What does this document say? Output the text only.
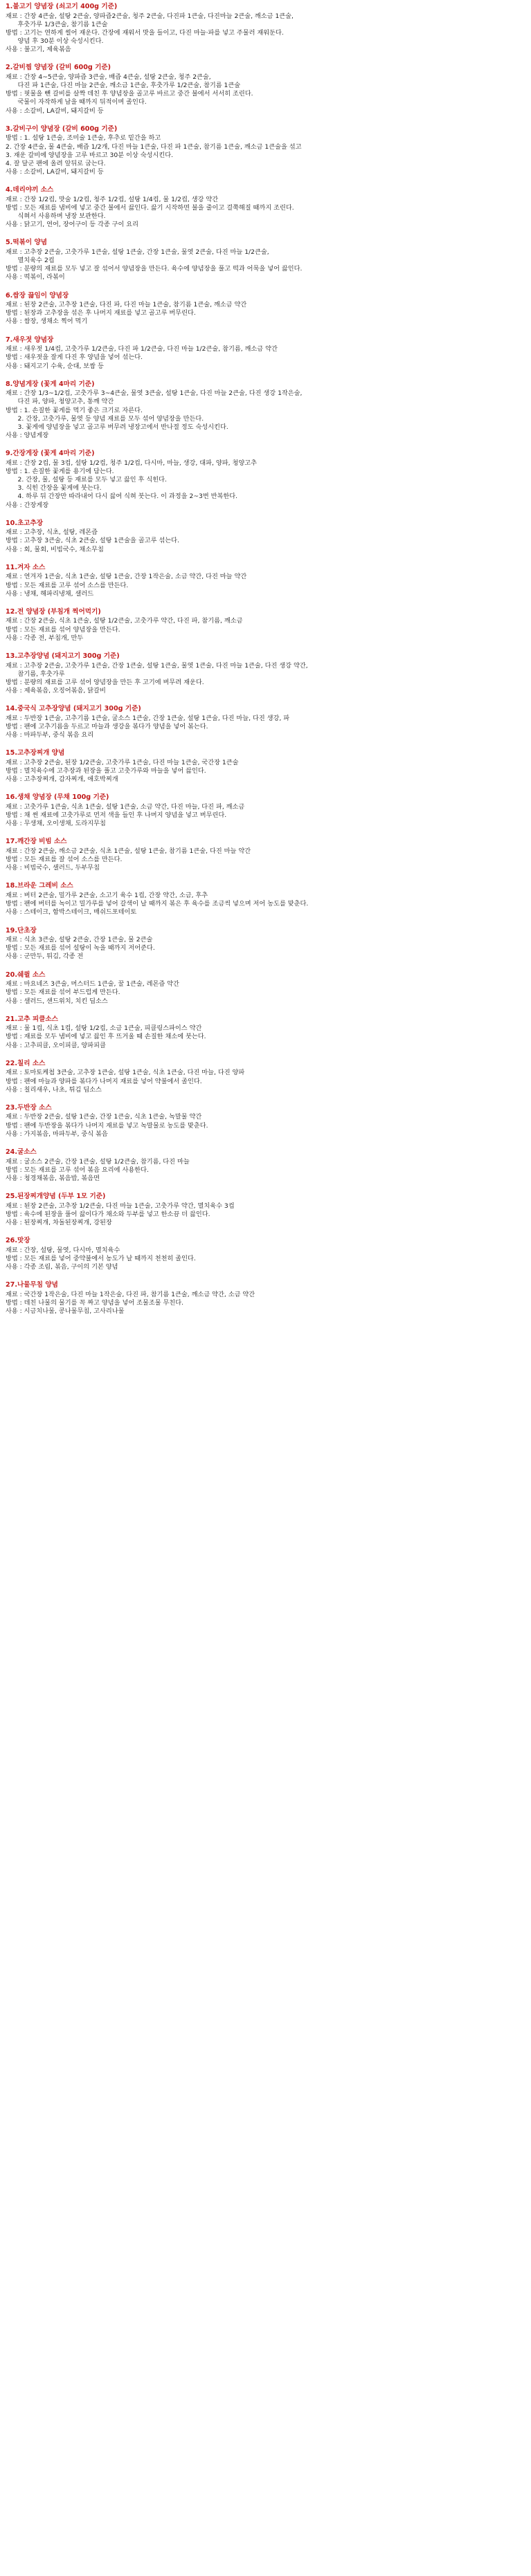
1.불고기 양념장 (쇠고기 400g 기준)
재료 : 간장 4큰술, 설탕 2큰술, 양파즙2큰술, 청주 2큰술, 다진파 1큰술, 다진마늘 2큰술, 깨소금 1큰술,
후춧가루 1/3큰술, 참기름 1큰술
방법 : 고기는 연하게 썰어 재운다. 간장에 재워서 맛을 들이고, 다진 마늘·파를 넣고 주물러 재워둔다.
양념 후 30분 이상 숙성시킨다.
사용 : 불고기, 제육볶음
2.갈비찜 양념장 (갈비 600g 기준)
재료 : 간장 4~5큰술, 양파즙 3큰술, 배즙 4큰술, 설탕 2큰술, 청주 2큰술,
다진 파 1큰술, 다진 마늘 2큰술, 깨소금 1큰술, 후춧가루 1/2큰술, 참기름 1큰술
방법 : 핏물을 뺀 갈비를 살짝 데친 후 양념장을 골고루 바르고 중간 불에서 서서히 조린다.
국물이 자작하게 남을 때까지 뒤적이며 졸인다.
사용 : 소갈비, LA갈비, 돼지갈비 등
3.갈비구이 양념장 (갈비 600g 기준)
방법 : 1. 설탕 1큰술, 조미술 1큰술, 후추로 밑간을 하고
2. 간장 4큰술, 물 4큰술, 배즙 1/2개, 다진 마늘 1큰술, 다진 파 1큰술, 참기름 1큰술, 깨소금 1큰술을 섞고
3. 재운 갈비에 양념장을 고루 바르고 30분 이상 숙성시킨다.
4. 잘 달군 팬에 올려 앞뒤로 굽는다.
사용 : 소갈비, LA갈비, 돼지갈비 등
4.데리야끼 소스
재료 : 간장 1/2컵, 맛술 1/2컵, 청주 1/2컵, 설탕 1/4컵, 물 1/2컵, 생강 약간
방법 : 모든 재료를 냄비에 넣고 중간 불에서 끓인다. 끓기 시작하면 불을 줄이고 걸쭉해질 때까지 조린다.
식혀서 사용하며 냉장 보관한다.
사용 : 닭고기, 연어, 장어구이 등 각종 구이 요리
5.떡볶이 양념
재료 : 고추장 2큰술, 고춧가루 1큰술, 설탕 1큰술, 간장 1큰술, 물엿 2큰술, 다진 마늘 1/2큰술,
멸치육수 2컵
방법 : 분량의 재료를 모두 넣고 잘 섞어서 양념장을 만든다. 육수에 양념장을 풀고 떡과 어묵을 넣어 끓인다.
사용 : 떡볶이, 라볶이
6.쌈장 끓임이 양념장
재료 : 된장 2큰술, 고추장 1큰술, 다진 파, 다진 마늘 1큰술, 참기름 1큰술, 깨소금 약간
방법 : 된장과 고추장을 섞은 후 나머지 재료를 넣고 골고루 버무린다.
사용 : 쌈장, 생채소 찍어 먹기
7.새우젓 양념장
재료 : 새우젓 1/4컵, 고춧가루 1/2큰술, 다진 파 1/2큰술, 다진 마늘 1/2큰술, 참기름, 깨소금 약간
방법 : 새우젓을 잘게 다진 후 양념을 넣어 섞는다.
사용 : 돼지고기 수육, 순대, 보쌈 등
8.양념게장 (꽃게 4마리 기준)
재료 : 간장 1/3~1/2컵, 고춧가루 3~4큰술, 물엿 3큰술, 설탕 1큰술, 다진 마늘 2큰술, 다진 생강 1작은술,
다진 파, 양파, 청양고추, 통깨 약간
방법 : 1. 손질한 꽃게를 먹기 좋은 크기로 자른다.
2. 간장, 고춧가루, 물엿 등 양념 재료를 모두 섞어 양념장을 만든다.
3. 꽃게에 양념장을 넣고 골고루 버무려 냉장고에서 반나절 정도 숙성시킨다.
사용 : 양념게장
9.간장게장 (꽃게 4마리 기준)
재료 : 간장 2컵, 물 3컵, 설탕 1/2컵, 청주 1/2컵, 다시마, 마늘, 생강, 대파, 양파, 청양고추
방법 : 1. 손질한 꽃게를 용기에 담는다.
2. 간장, 물, 설탕 등 재료를 모두 넣고 끓인 후 식힌다.
3. 식힌 간장을 꽃게에 붓는다.
4. 하루 뒤 간장만 따라내어 다시 끓여 식혀 붓는다. 이 과정을 2~3번 반복한다.
사용 : 간장게장
10.초고추장
재료 : 고추장, 식초, 설탕, 레몬즙
방법 : 고추장 3큰술, 식초 2큰술, 설탕 1큰술을 골고루 섞는다.
사용 : 회, 물회, 비빔국수, 채소무침
11.겨자 소스
재료 : 연겨자 1큰술, 식초 1큰술, 설탕 1큰술, 간장 1작은술, 소금 약간, 다진 마늘 약간
방법 : 모든 재료를 고루 섞어 소스를 만든다.
사용 : 냉채, 해파리냉채, 샐러드
12.전 양념장 (부침개 찍어먹기)
재료 : 간장 2큰술, 식초 1큰술, 설탕 1/2큰술, 고춧가루 약간, 다진 파, 참기름, 깨소금
방법 : 모든 재료를 섞어 양념장을 만든다.
사용 : 각종 전, 부침개, 만두
13.고추장양념 (돼지고기 300g 기준)
재료 : 고추장 2큰술, 고춧가루 1큰술, 간장 1큰술, 설탕 1큰술, 물엿 1큰술, 다진 마늘 1큰술, 다진 생강 약간,
참기름, 후춧가루
방법 : 분량의 재료를 고루 섞어 양념장을 만든 후 고기에 버무려 재운다.
사용 : 제육볶음, 오징어볶음, 닭갈비
14.중국식 고추장양념 (돼지고기 300g 기준)
재료 : 두반장 1큰술, 고추기름 1큰술, 굴소스 1큰술, 간장 1큰술, 설탕 1큰술, 다진 마늘, 다진 생강, 파
방법 : 팬에 고추기름을 두르고 마늘과 생강을 볶다가 양념을 넣어 볶는다.
사용 : 마파두부, 중식 볶음 요리
15.고추장찌개 양념
재료 : 고추장 2큰술, 된장 1/2큰술, 고춧가루 1큰술, 다진 마늘 1큰술, 국간장 1큰술
방법 : 멸치육수에 고추장과 된장을 풀고 고춧가루와 마늘을 넣어 끓인다.
사용 : 고추장찌개, 감자찌개, 애호박찌개
16.생채 양념장 (무채 100g 기준)
재료 : 고춧가루 1큰술, 식초 1큰술, 설탕 1큰술, 소금 약간, 다진 마늘, 다진 파, 깨소금
방법 : 채 썬 재료에 고춧가루로 먼저 색을 들인 후 나머지 양념을 넣고 버무린다.
사용 : 무생채, 오이생채, 도라지무침
17.깨간장 비빔 소스
재료 : 간장 2큰술, 깨소금 2큰술, 식초 1큰술, 설탕 1큰술, 참기름 1큰술, 다진 마늘 약간
방법 : 모든 재료를 잘 섞어 소스를 만든다.
사용 : 비빔국수, 샐러드, 두부무침
18.브라운 그레비 소스
재료 : 버터 2큰술, 밀가루 2큰술, 소고기 육수 1컵, 간장 약간, 소금, 후추
방법 : 팬에 버터를 녹이고 밀가루를 넣어 갈색이 날 때까지 볶은 후 육수를 조금씩 넣으며 저어 농도를 맞춘다.
사용 : 스테이크, 함박스테이크, 매쉬드포테이토
19.단초장
재료 : 식초 3큰술, 설탕 2큰술, 간장 1큰술, 물 2큰술
방법 : 모든 재료를 섞어 설탕이 녹을 때까지 저어준다.
사용 : 군만두, 튀김, 각종 전
20.쉐퀼 소스
재료 : 마요네즈 3큰술, 머스터드 1큰술, 꿀 1큰술, 레몬즙 약간
방법 : 모든 재료를 섞어 부드럽게 만든다.
사용 : 샐러드, 샌드위치, 치킨 딥소스
21.고추 피클소스
재료 : 물 1컵, 식초 1컵, 설탕 1/2컵, 소금 1큰술, 피클링스파이스 약간
방법 : 재료를 모두 냄비에 넣고 끓인 후 뜨거울 때 손질한 채소에 붓는다.
사용 : 고추피클, 오이피클, 양파피클
22.칠리 소스
재료 : 토마토케첩 3큰술, 고추장 1큰술, 설탕 1큰술, 식초 1큰술, 다진 마늘, 다진 양파
방법 : 팬에 마늘과 양파를 볶다가 나머지 재료를 넣어 약불에서 졸인다.
사용 : 칠리새우, 나초, 튀김 딥소스
23.두반장 소스
재료 : 두반장 2큰술, 설탕 1큰술, 간장 1큰술, 식초 1큰술, 녹말물 약간
방법 : 팬에 두반장을 볶다가 나머지 재료를 넣고 녹말물로 농도를 맞춘다.
사용 : 가지볶음, 마파두부, 중식 볶음
24.굴소스
재료 : 굴소스 2큰술, 간장 1큰술, 설탕 1/2큰술, 참기름, 다진 마늘
방법 : 모든 재료를 고루 섞어 볶음 요리에 사용한다.
사용 : 청경채볶음, 볶음밥, 볶음면
25.된장찌개양념 (두부 1모 기준)
재료 : 된장 2큰술, 고추장 1/2큰술, 다진 마늘 1큰술, 고춧가루 약간, 멸치육수 3컵
방법 : 육수에 된장을 풀어 끓이다가 채소와 두부를 넣고 한소끔 더 끓인다.
사용 : 된장찌개, 차돌된장찌개, 강된장
26.맛장
재료 : 간장, 설탕, 물엿, 다시마, 멸치육수
방법 : 모든 재료를 넣어 중약불에서 농도가 날 때까지 천천히 졸인다.
사용 : 각종 조림, 볶음, 구이의 기본 양념
27.나물무침 양념
재료 : 국간장 1작은술, 다진 마늘 1작은술, 다진 파, 참기름 1큰술, 깨소금 약간, 소금 약간
방법 : 데친 나물의 물기를 꼭 짜고 양념을 넣어 조물조물 무친다.
사용 : 시금치나물, 콩나물무침, 고사리나물
